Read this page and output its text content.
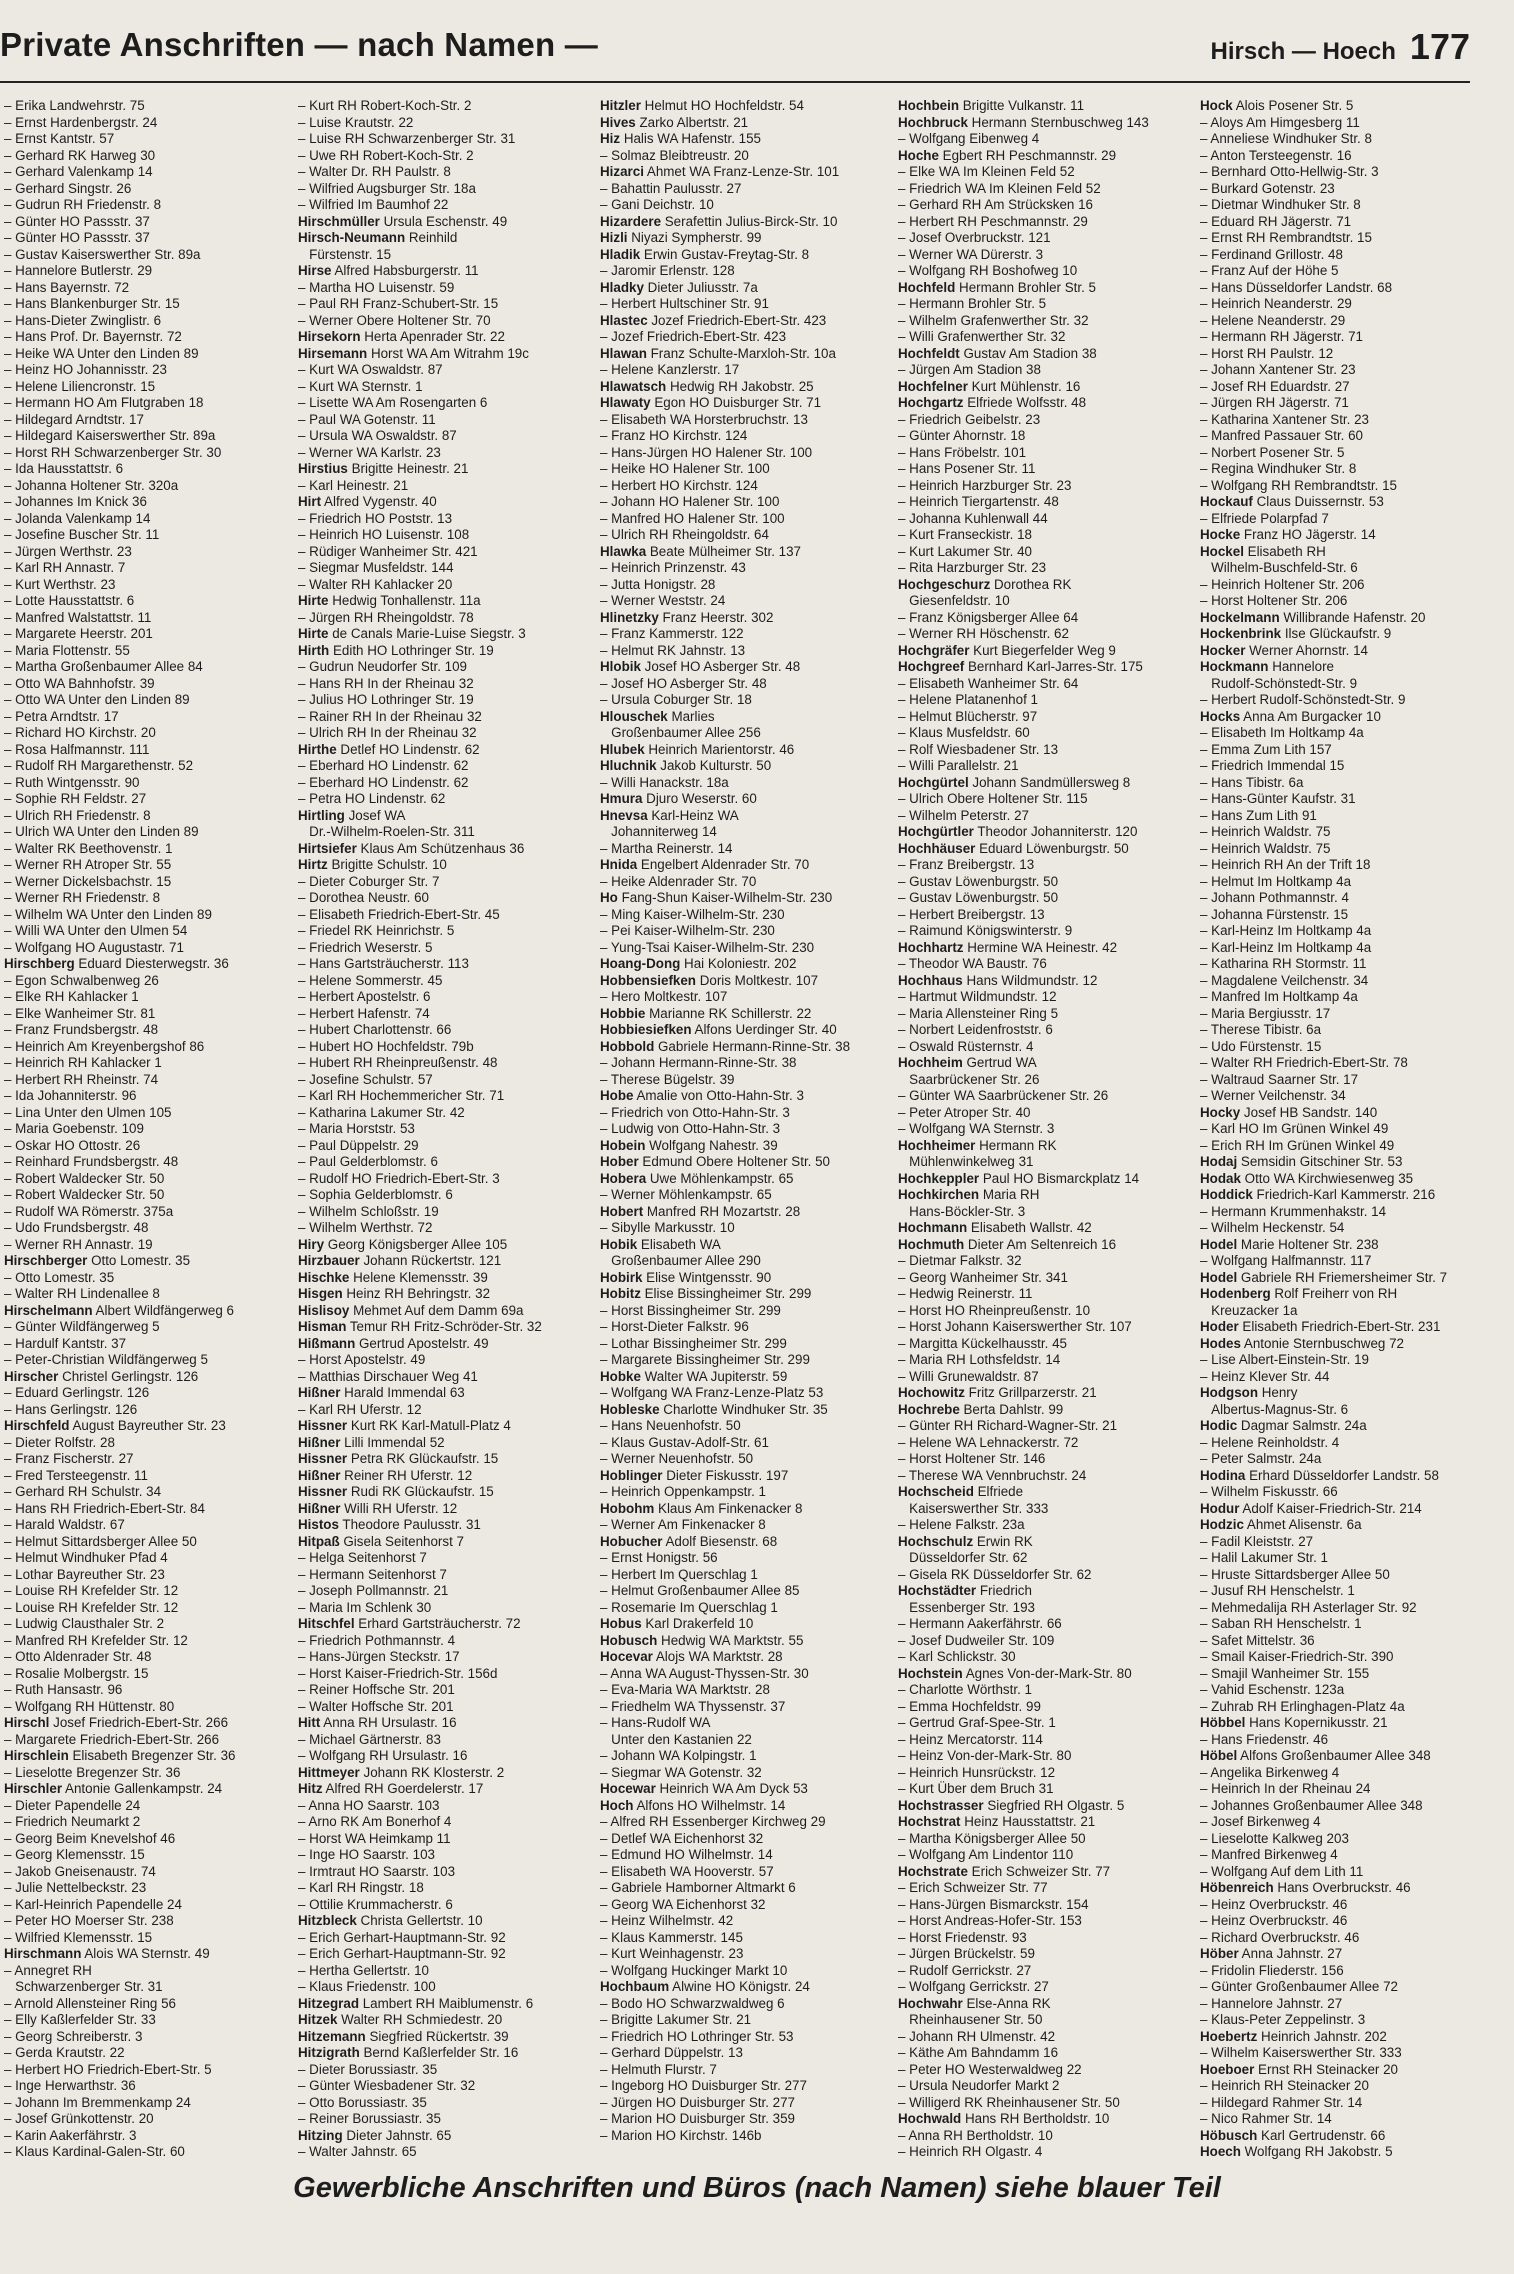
Private Anschriften — nach Namen —	Hirsch — Hoech 177
– Erika Landwehrstr. 75
– Ernst Hardenbergstr. 24
– Ernst Kantstr. 57
– Gerhard RK Harweg 30
– Gerhard Valenkamp 14
– Gerhard Singstr. 26
– Gudrun RH Friedenstr. 8
– Günter HO Passstr. 37
– Günter HO Passstr. 37
– Gustav Kaiserswerther Str. 89a
– Hannelore Butlerstr. 29
– Hans Bayernstr. 72
– Hans Blankenburger Str. 15
– Hans-Dieter Zwinglistr. 6
– Hans Prof. Dr. Bayernstr. 72
– Heike WA Unter den Linden 89
– Heinz HO Johannisstr. 23
– Helene Liliencronstr. 15
– Hermann HO Am Flutgraben 18
– Hildegard Arndtstr. 17
– Hildegard Kaiserswerther Str. 89a
– Horst RH Schwarzenberger Str. 30
– Ida Hausstattstr. 6
– Johanna Holtener Str. 320a
– Johannes Im Knick 36
– Jolanda Valenkamp 14
– Josefine Buscher Str. 11
– Jürgen Werthstr. 23
– Karl RH Annastr. 7
– Kurt Werthstr. 23
– Lotte Hausstattstr. 6
– Manfred Walstattstr. 11
– Margarete Heerstr. 201
– Maria Flottenstr. 55
– Martha Großenbaumer Allee 84
– Otto WA Bahnhofstr. 39
– Otto WA Unter den Linden 89
– Petra Arndtstr. 17
– Richard HO Kirchstr. 20
– Rosa Halfmannstr. 111
– Rudolf RH Margarethenstr. 52
– Ruth Wintgensstr. 90
– Sophie RH Feldstr. 27
– Ulrich RH Friedenstr. 8
– Ulrich WA Unter den Linden 89
– Walter RK Beethovenstr. 1
– Werner RH Atroper Str. 55
– Werner Dickelsbachstr. 15
– Werner RH Friedenstr. 8
– Wilhelm WA Unter den Linden 89
– Willi WA Unter den Ulmen 54
– Wolfgang HO Augustastr. 71
Hirschberg Eduard Diesterwegstr. 36
– Egon Schwalbenweg 26
– Elke RH Kahlacker 1
– Elke Wanheimer Str. 81
– Franz Frundsbergstr. 48
– Heinrich Am Kreyenbergshof 86
– Heinrich RH Kahlacker 1
– Herbert RH Rheinstr. 74
– Ida Johanniterstr. 96
– Lina Unter den Ulmen 105
– Maria Goebenstr. 109
– Oskar HO Ottostr. 26
– Reinhard Frundsbergstr. 48
– Robert Waldecker Str. 50
– Robert Waldecker Str. 50
– Rudolf WA Römerstr. 375a
– Udo Frundsbergstr. 48
– Werner RH Annastr. 19
Hirschberger Otto Lomestr. 35
– Otto Lomestr. 35
– Walter RH Lindenallee 8
Hirschelmann Albert Wildfängerweg 6
– Günter Wildfängerweg 5
– Hardulf Kantstr. 37
– Peter-Christian Wildfängerweg 5
Hirscher Christel Gerlingstr. 126
– Eduard Gerlingstr. 126
– Hans Gerlingstr. 126
Hirschfeld August Bayreuther Str. 23
– Dieter Rolfstr. 28
– Franz Fischerstr. 27
– Fred Tersteegenstr. 11
– Gerhard RH Schulstr. 34
– Hans RH Friedrich-Ebert-Str. 84
– Harald Waldstr. 67
– Helmut Sittardsberger Allee 50
– Helmut Windhuker Pfad 4
– Lothar Bayreuther Str. 23
– Louise RH Krefelder Str. 12
– Louise RH Krefelder Str. 12
– Ludwig Clausthaler Str. 2
– Manfred RH Krefelder Str. 12
– Otto Aldenrader Str. 48
– Rosalie Molbergstr. 15
– Ruth Hansastr. 96
– Wolfgang RH Hüttenstr. 80
Hirschl Josef Friedrich-Ebert-Str. 266
– Margarete Friedrich-Ebert-Str. 266
Hirschlein Elisabeth Bregenzer Str. 36
– Lieselotte Bregenzer Str. 36
Hirschler Antonie Gallenkampstr. 24
– Dieter Papendelle 24
– Friedrich Neumarkt 2
– Georg Beim Knevelshof 46
– Georg Klemensstr. 15
– Jakob Gneisenaustr. 74
– Julie Nettelbeckstr. 23
– Karl-Heinrich Papendelle 24
– Peter HO Moerser Str. 238
– Wilfried Klemensstr. 15
Hirschmann Alois WA Sternstr. 49
– Annegret RH
Schwarzenberger Str. 31
– Arnold Allensteiner Ring 56
– Elly Kaßlerfelder Str. 33
– Georg Schreiberstr. 3
– Gerda Krautstr. 22
– Herbert HO Friedrich-Ebert-Str. 5
– Inge Herwarthstr. 36
– Johann Im Bremmenkamp 24
– Josef Grünkottenstr. 20
– Karin Aakerfährstr. 3
– Klaus Kardinal-Galen-Str. 60
– Kurt RH Robert-Koch-Str. 2
– Luise Krautstr. 22
– Luise RH Schwarzenberger Str. 31
– Uwe RH Robert-Koch-Str. 2
– Walter Dr. RH Paulstr. 8
– Wilfried Augsburger Str. 18a
– Wilfried Im Baumhof 22
Hirschmüller Ursula Eschenstr. 49
Hirsch-Neumann Reinhild
Fürstenstr. 15
Hirse Alfred Habsburgerstr. 11
– Martha HO Luisenstr. 59
– Paul RH Franz-Schubert-Str. 15
– Werner Obere Holtener Str. 70
Hirsekorn Herta Apenrader Str. 22
Hirsemann Horst WA Am Witrahm 19c
– Kurt WA Oswaldstr. 87
– Kurt WA Sternstr. 1
– Lisette WA Am Rosengarten 6
– Paul WA Gotenstr. 11
– Ursula WA Oswaldstr. 87
– Werner WA Karlstr. 23
Hirstius Brigitte Heinestr. 21
– Karl Heinestr. 21
Hirt Alfred Vygenstr. 40
– Friedrich HO Poststr. 13
– Heinrich HO Luisenstr. 108
– Rüdiger Wanheimer Str. 421
– Siegmar Musfeldstr. 144
– Walter RH Kahlacker 20
Hirte Hedwig Tonhallenstr. 11a
– Jürgen RH Rheingoldstr. 78
Hirte de Canals Marie-Luise Siegstr. 3
Hirth Edith HO Lothringer Str. 19
– Gudrun Neudorfer Str. 109
– Hans RH In der Rheinau 32
– Julius HO Lothringer Str. 19
– Rainer RH In der Rheinau 32
– Ulrich RH In der Rheinau 32
Hirthe Detlef HO Lindenstr. 62
– Eberhard HO Lindenstr. 62
– Eberhard HO Lindenstr. 62
– Petra HO Lindenstr. 62
Hirtling Josef WA
Dr.-Wilhelm-Roelen-Str. 311
Hirtsiefer Klaus Am Schützenhaus 36
Hirtz Brigitte Schulstr. 10
– Dieter Coburger Str. 7
– Dorothea Neustr. 60
– Elisabeth Friedrich-Ebert-Str. 45
– Friedel RK Heinrichstr. 5
– Friedrich Weserstr. 5
– Hans Gartsträucherstr. 113
– Helene Sommerstr. 45
– Herbert Apostelstr. 6
– Herbert Hafenstr. 74
– Hubert Charlottenstr. 66
– Hubert HO Hochfeldstr. 79b
– Hubert RH Rheinpreußenstr. 48
– Josefine Schulstr. 57
– Karl RH Hochemmericher Str. 71
– Katharina Lakumer Str. 42
– Maria Horststr. 53
– Paul Düppelstr. 29
– Paul Gelderblomstr. 6
– Rudolf HO Friedrich-Ebert-Str. 3
– Sophia Gelderblomstr. 6
– Wilhelm Schloßstr. 19
– Wilhelm Werthstr. 72
Hiry Georg Königsberger Allee 105
Hirzbauer Johann Rückertstr. 121
Hischke Helene Klemensstr. 39
Hisgen Heinz RH Behringstr. 32
Hislisoy Mehmet Auf dem Damm 69a
Hisman Temur RH Fritz-Schröder-Str. 32
Hißmann Gertrud Apostelstr. 49
– Horst Apostelstr. 49
– Matthias Dirschauer Weg 41
Hißner Harald Immendal 63
– Karl RH Uferstr. 12
Hissner Kurt RK Karl-Matull-Platz 4
Hißner Lilli Immendal 52
Hissner Petra RK Glückaufstr. 15
Hißner Reiner RH Uferstr. 12
Hissner Rudi RK Glückaufstr. 15
Hißner Willi RH Uferstr. 12
Histos Theodore Paulusstr. 31
Hitpaß Gisela Seitenhorst 7
– Helga Seitenhorst 7
– Hermann Seitenhorst 7
– Joseph Pollmannstr. 21
– Maria Im Schlenk 30
Hitschfel Erhard Gartsträucherstr. 72
– Friedrich Pothmannstr. 4
– Hans-Jürgen Steckstr. 17
– Horst Kaiser-Friedrich-Str. 156d
– Reiner Hoffsche Str. 201
– Walter Hoffsche Str. 201
Hitt Anna RH Ursulastr. 16
– Michael Gärtnerstr. 83
– Wolfgang RH Ursulastr. 16
Hittmeyer Johann RK Klosterstr. 2
Hitz Alfred RH Goerdelerstr. 17
– Anna HO Saarstr. 103
– Arno RK Am Bonerhof 4
– Horst WA Heimkamp 11
– Inge HO Saarstr. 103
– Irmtraut HO Saarstr. 103
– Karl RH Ringstr. 18
– Ottilie Krummacherstr. 6
Hitzbleck Christa Gellertstr. 10
– Erich Gerhart-Hauptmann-Str. 92
– Erich Gerhart-Hauptmann-Str. 92
– Hertha Gellertstr. 10
– Klaus Friedenstr. 100
Hitzegrad Lambert RH Maiblumenstr. 6
Hitzek Walter RH Schmiedestr. 20
Hitzemann Siegfried Rückertstr. 39
Hitzigrath Bernd Kaßlerfelder Str. 16
– Dieter Borussiastr. 35
– Günter Wiesbadener Str. 32
– Otto Borussiastr. 35
– Reiner Borussiastr. 35
Hitzing Dieter Jahnstr. 65
– Walter Jahnstr. 65
Hitzler Helmut HO Hochfeldstr. 54
Hives Zarko Albertstr. 21
Hiz Halis WA Hafenstr. 155
– Solmaz Bleibtreustr. 20
Hizarci Ahmet WA Franz-Lenze-Str. 101
– Bahattin Paulusstr. 27
– Gani Deichstr. 10
Hizardere Serafettin Julius-Birck-Str. 10
Hizli Niyazi Sympherstr. 99
Hladik Erwin Gustav-Freytag-Str. 8
– Jaromir Erlenstr. 128
Hladky Dieter Juliusstr. 7a
– Herbert Hultschiner Str. 91
Hlastec Jozef Friedrich-Ebert-Str. 423
– Jozef Friedrich-Ebert-Str. 423
Hlawan Franz Schulte-Marxloh-Str. 10a
– Helene Kanzlerstr. 17
Hlawatsch Hedwig RH Jakobstr. 25
Hlawaty Egon HO Duisburger Str. 71
– Elisabeth WA Horsterbruchstr. 13
– Franz HO Kirchstr. 124
– Hans-Jürgen HO Halener Str. 100
– Heike HO Halener Str. 100
– Herbert HO Kirchstr. 124
– Johann HO Halener Str. 100
– Manfred HO Halener Str. 100
– Ulrich RH Rheingoldstr. 64
Hlawka Beate Mülheimer Str. 137
– Heinrich Prinzenstr. 43
– Jutta Honigstr. 28
– Werner Weststr. 24
Hlinetzky Franz Heerstr. 302
– Franz Kammerstr. 122
– Helmut RK Jahnstr. 13
Hlobik Josef HO Asberger Str. 48
– Josef HO Asberger Str. 48
– Ursula Coburger Str. 18
Hlouschek Marlies
Großenbaumer Allee 256
Hlubek Heinrich Marientorstr. 46
Hluchnik Jakob Kulturstr. 50
– Willi Hanackstr. 18a
Hmura Djuro Weserstr. 60
Hnevsa Karl-Heinz WA
Johanniterweg 14
– Martha Reinerstr. 14
Hnida Engelbert Aldenrader Str. 70
– Heike Aldenrader Str. 70
Ho Fang-Shun Kaiser-Wilhelm-Str. 230
– Ming Kaiser-Wilhelm-Str. 230
– Pei Kaiser-Wilhelm-Str. 230
– Yung-Tsai Kaiser-Wilhelm-Str. 230
Hoang-Dong Hai Koloniestr. 202
Hobbensiefken Doris Moltkestr. 107
– Hero Moltkestr. 107
Hobbie Marianne RK Schillerstr. 22
Hobbiesiefken Alfons Uerdinger Str. 40
Hobbold Gabriele Hermann-Rinne-Str. 38
– Johann Hermann-Rinne-Str. 38
– Therese Bügelstr. 39
Hobe Amalie von Otto-Hahn-Str. 3
– Friedrich von Otto-Hahn-Str. 3
– Ludwig von Otto-Hahn-Str. 3
Hobein Wolfgang Nahestr. 39
Hober Edmund Obere Holtener Str. 50
Hobera Uwe Möhlenkampstr. 65
– Werner Möhlenkampstr. 65
Hobert Manfred RH Mozartstr. 28
– Sibylle Markusstr. 10
Hobik Elisabeth WA
Großenbaumer Allee 290
Hobirk Elise Wintgensstr. 90
Hobitz Elise Bissingheimer Str. 299
– Horst Bissingheimer Str. 299
– Horst-Dieter Falkstr. 96
– Lothar Bissingheimer Str. 299
– Margarete Bissingheimer Str. 299
Hobke Walter WA Jupiterstr. 59
– Wolfgang WA Franz-Lenze-Platz 53
Hobleske Charlotte Windhuker Str. 35
– Hans Neuenhofstr. 50
– Klaus Gustav-Adolf-Str. 61
– Werner Neuenhofstr. 50
Hoblinger Dieter Fiskusstr. 197
– Heinrich Oppenkampstr. 1
Hobohm Klaus Am Finkenacker 8
– Werner Am Finkenacker 8
Hobucher Adolf Biesenstr. 68
– Ernst Honigstr. 56
– Herbert Im Querschlag 1
– Helmut Großenbaumer Allee 85
– Rosemarie Im Querschlag 1
Hobus Karl Drakerfeld 10
Hobusch Hedwig WA Marktstr. 55
Hocevar Alojs WA Marktstr. 28
– Anna WA August-Thyssen-Str. 30
– Eva-Maria WA Marktstr. 28
– Friedhelm WA Thyssenstr. 37
– Hans-Rudolf WA
Unter den Kastanien 22
– Johann WA Kolpingstr. 1
– Siegmar WA Gotenstr. 32
Hocewar Heinrich WA Am Dyck 53
Hoch Alfons HO Wilhelmstr. 14
– Alfred RH Essenberger Kirchweg 29
– Detlef WA Eichenhorst 32
– Edmund HO Wilhelmstr. 14
– Elisabeth WA Hooverstr. 57
– Gabriele Hamborner Altmarkt 6
– Georg WA Eichenhorst 32
– Heinz Wilhelmstr. 42
– Klaus Kammerstr. 145
– Kurt Weinhagenstr. 23
– Wolfgang Huckinger Markt 10
Hochbaum Alwine HO Königstr. 24
– Bodo HO Schwarzwaldweg 6
– Brigitte Lakumer Str. 21
– Friedrich HO Lothringer Str. 53
– Gerhard Düppelstr. 13
– Helmuth Flurstr. 7
– Ingeborg HO Duisburger Str. 277
– Jürgen HO Duisburger Str. 277
– Marion HO Duisburger Str. 359
– Marion HO Kirchstr. 146b
Hochbein Brigitte Vulkanstr. 11
Hochbruck Hermann Sternbuschweg 143
– Wolfgang Eibenweg 4
Hoche Egbert RH Peschmannstr. 29
– Elke WA Im Kleinen Feld 52
– Friedrich WA Im Kleinen Feld 52
– Gerhard RH Am Strücksken 16
– Herbert RH Peschmannstr. 29
– Josef Overbruckstr. 121
– Werner WA Dürerstr. 3
– Wolfgang RH Boshofweg 10
Hochfeld Hermann Brohler Str. 5
– Hermann Brohler Str. 5
– Wilhelm Grafenwerther Str. 32
– Willi Grafenwerther Str. 32
Hochfeldt Gustav Am Stadion 38
– Jürgen Am Stadion 38
Hochfelner Kurt Mühlenstr. 16
Hochgartz Elfriede Wolfsstr. 48
– Friedrich Geibelstr. 23
– Günter Ahornstr. 18
– Hans Fröbelstr. 101
– Hans Posener Str. 11
– Heinrich Harzburger Str. 23
– Heinrich Tiergartenstr. 48
– Johanna Kuhlenwall 44
– Kurt Franseckistr. 18
– Kurt Lakumer Str. 40
– Rita Harzburger Str. 23
Hochgeschurz Dorothea RK
Giesenfeldstr. 10
– Franz Königsberger Allee 64
– Werner RH Höschenstr. 62
Hochgräfer Kurt Biegerfelder Weg 9
Hochgreef Bernhard Karl-Jarres-Str. 175
– Elisabeth Wanheimer Str. 64
– Helene Platanenhof 1
– Helmut Blücherstr. 97
– Klaus Musfeldstr. 60
– Rolf Wiesbadener Str. 13
– Willi Parallelstr. 21
Hochgürtel Johann Sandmüllersweg 8
– Ulrich Obere Holtener Str. 115
– Wilhelm Peterstr. 27
Hochgürtler Theodor Johanniterstr. 120
Hochhäuser Eduard Löwenburgstr. 50
– Franz Breibergstr. 13
– Gustav Löwenburgstr. 50
– Gustav Löwenburgstr. 50
– Herbert Breibergstr. 13
– Raimund Königswinterstr. 9
Hochhartz Hermine WA Heinestr. 42
– Theodor WA Baustr. 76
Hochhaus Hans Wildmundstr. 12
– Hartmut Wildmundstr. 12
– Maria Allensteiner Ring 5
– Norbert Leidenfroststr. 6
– Oswald Rüsternstr. 4
Hochheim Gertrud WA
Saarbrückener Str. 26
– Günter WA Saarbrückener Str. 26
– Peter Atroper Str. 40
– Wolfgang WA Sternstr. 3
Hochheimer Hermann RK
Mühlenwinkelweg 31
Hochkeppler Paul HO Bismarckplatz 14
Hochkirchen Maria RH
Hans-Böckler-Str. 3
Hochmann Elisabeth Wallstr. 42
Hochmuth Dieter Am Seltenreich 16
– Dietmar Falkstr. 32
– Georg Wanheimer Str. 341
– Hedwig Reinerstr. 11
– Horst HO Rheinpreußenstr. 10
– Horst Johann Kaiserswerther Str. 107
– Margitta Kückelhausstr. 45
– Maria RH Lothsfeldstr. 14
– Willi Grunewaldstr. 87
Hochowitz Fritz Grillparzerstr. 21
Hochrebe Berta Dahlstr. 99
– Günter RH Richard-Wagner-Str. 21
– Helene WA Lehnackerstr. 72
– Horst Holtener Str. 146
– Therese WA Vennbruchstr. 24
Hochscheid Elfriede
Kaiserswerther Str. 333
– Helene Falkstr. 23a
Hochschulz Erwin RK
Düsseldorfer Str. 62
– Gisela RK Düsseldorfer Str. 62
Hochstädter Friedrich
Essenberger Str. 193
– Hermann Aakerfährstr. 66
– Josef Dudweiler Str. 109
– Karl Schlickstr. 30
Hochstein Agnes Von-der-Mark-Str. 80
– Charlotte Wörthstr. 1
– Emma Hochfeldstr. 99
– Gertrud Graf-Spee-Str. 1
– Heinz Mercatorstr. 114
– Heinz Von-der-Mark-Str. 80
– Heinrich Hunsrückstr. 12
– Kurt Über dem Bruch 31
Hochstrasser Siegfried RH Olgastr. 5
Hochstrat Heinz Hausstattstr. 21
– Martha Königsberger Allee 50
– Wolfgang Am Lindentor 110
Hochstrate Erich Schweizer Str. 77
– Erich Schweizer Str. 77
– Hans-Jürgen Bismarckstr. 154
– Horst Andreas-Hofer-Str. 153
– Horst Friedenstr. 93
– Jürgen Brückelstr. 59
– Rudolf Gerrickstr. 27
– Wolfgang Gerrickstr. 27
Hochwahr Else-Anna RK
Rheinhausener Str. 50
– Johann RH Ulmenstr. 42
– Käthe Am Bahndamm 16
– Peter HO Westerwaldweg 22
– Ursula Neudorfer Markt 2
– Willigerd RK Rheinhausener Str. 50
Hochwald Hans RH Bertholdstr. 10
– Anna RH Bertholdstr. 10
– Heinrich RH Olgastr. 4
Hock Alois Posener Str. 5
– Aloys Am Himgesberg 11
– Anneliese Windhuker Str. 8
– Anton Tersteegenstr. 16
– Bernhard Otto-Hellwig-Str. 3
– Burkard Gotenstr. 23
– Dietmar Windhuker Str. 8
– Eduard RH Jägerstr. 71
– Ernst RH Rembrandtstr. 15
– Ferdinand Grillostr. 48
– Franz Auf der Höhe 5
– Hans Düsseldorfer Landstr. 68
– Heinrich Neanderstr. 29
– Helene Neanderstr. 29
– Hermann RH Jägerstr. 71
– Horst RH Paulstr. 12
– Johann Xantener Str. 23
– Josef RH Eduardstr. 27
– Jürgen RH Jägerstr. 71
– Katharina Xantener Str. 23
– Manfred Passauer Str. 60
– Norbert Posener Str. 5
– Regina Windhuker Str. 8
– Wolfgang RH Rembrandtstr. 15
Hockauf Claus Duissernstr. 53
– Elfriede Polarpfad 7
Hocke Franz HO Jägerstr. 14
Hockel Elisabeth RH
Wilhelm-Buschfeld-Str. 6
– Heinrich Holtener Str. 206
– Horst Holtener Str. 206
Hockelmann Willibrande Hafenstr. 20
Hockenbrink Ilse Glückaufstr. 9
Hocker Werner Ahornstr. 14
Hockmann Hannelore
Rudolf-Schönstedt-Str. 9
– Herbert Rudolf-Schönstedt-Str. 9
Hocks Anna Am Burgacker 10
– Elisabeth Im Holtkamp 4a
– Emma Zum Lith 157
– Friedrich Immendal 15
– Hans Tibistr. 6a
– Hans-Günter Kaufstr. 31
– Hans Zum Lith 91
– Heinrich Waldstr. 75
– Heinrich Waldstr. 75
– Heinrich RH An der Trift 18
– Helmut Im Holtkamp 4a
– Johann Pothmannstr. 4
– Johanna Fürstenstr. 15
– Karl-Heinz Im Holtkamp 4a
– Karl-Heinz Im Holtkamp 4a
– Katharina RH Stormstr. 11
– Magdalene Veilchenstr. 34
– Manfred Im Holtkamp 4a
– Maria Bergiusstr. 17
– Therese Tibistr. 6a
– Udo Fürstenstr. 15
– Walter RH Friedrich-Ebert-Str. 78
– Waltraud Saarner Str. 17
– Werner Veilchenstr. 34
Hocky Josef HB Sandstr. 140
– Karl HO Im Grünen Winkel 49
– Erich RH Im Grünen Winkel 49
Hodaj Semsidin Gitschiner Str. 53
Hodak Otto WA Kirchwiesenweg 35
Hoddick Friedrich-Karl Kammerstr. 216
– Hermann Krummenhakstr. 14
– Wilhelm Heckenstr. 54
Hodel Marie Holtener Str. 238
– Wolfgang Halfmannstr. 117
Hodel Gabriele RH Friemersheimer Str. 7
Hodenberg Rolf Freiherr von RH
Kreuzacker 1a
Hoder Elisabeth Friedrich-Ebert-Str. 231
Hodes Antonie Sternbuschweg 72
– Lise Albert-Einstein-Str. 19
– Heinz Klever Str. 44
Hodgson Henry
Albertus-Magnus-Str. 6
Hodic Dagmar Salmstr. 24a
– Helene Reinholdstr. 4
– Peter Salmstr. 24a
Hodina Erhard Düsseldorfer Landstr. 58
– Wilhelm Fiskusstr. 66
Hodur Adolf Kaiser-Friedrich-Str. 214
Hodzic Ahmet Alisenstr. 6a
– Fadil Kleiststr. 27
– Halil Lakumer Str. 1
– Hruste Sittardsberger Allee 50
– Jusuf RH Henschelstr. 1
– Mehmedalija RH Asterlager Str. 92
– Saban RH Henschelstr. 1
– Safet Mittelstr. 36
– Smail Kaiser-Friedrich-Str. 390
– Smajil Wanheimer Str. 155
– Vahid Eschenstr. 123a
– Zuhrab RH Erlinghagen-Platz 4a
Höbbel Hans Kopernikusstr. 21
– Hans Friedenstr. 46
Höbel Alfons Großenbaumer Allee 348
– Angelika Birkenweg 4
– Heinrich In der Rheinau 24
– Johannes Großenbaumer Allee 348
– Josef Birkenweg 4
– Lieselotte Kalkweg 203
– Manfred Birkenweg 4
– Wolfgang Auf dem Lith 11
Höbenreich Hans Overbruckstr. 46
– Heinz Overbruckstr. 46
– Heinz Overbruckstr. 46
– Richard Overbruckstr. 46
Höber Anna Jahnstr. 27
– Fridolin Fliederstr. 156
– Günter Großenbaumer Allee 72
– Hannelore Jahnstr. 27
– Klaus-Peter Zeppelinstr. 3
Hoebertz Heinrich Jahnstr. 202
– Wilhelm Kaiserswerther Str. 333
Hoeboer Ernst RH Steinacker 20
– Heinrich RH Steinacker 20
– Hildegard Rahmer Str. 14
– Nico Rahmer Str. 14
Höbusch Karl Gertrudenstr. 66
Hoech Wolfgang RH Jakobstr. 5
Gewerbliche Anschriften und Büros (nach Namen) siehe blauer Teil
